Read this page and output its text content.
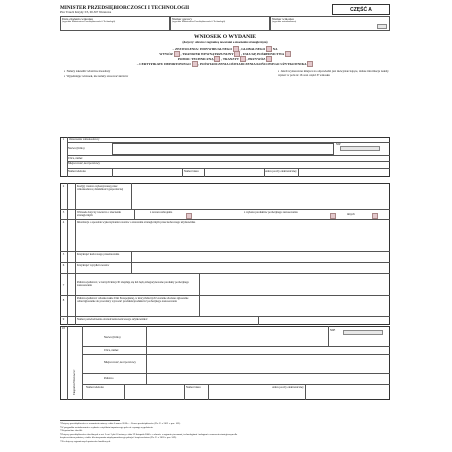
MINISTER PRZEDSIĘBIORCZOŚCI I TECHNOLOGII
Plac Trzech Krzyży 3/5, 00-507 Warszawa	CZĘŚĆ A
Data złożenia wniosku
(wypełnia Ministerstwo Przedsiębiorczości i Technologii)
Numer sprawy
(wypełnia Ministerstwo Przedsiębiorczości i Technologii)
Numer wniosku
(wypełnia wnioskodawca)
WNIOSEK O WYDANIE
(dotyczy: obrotu z zagranicą towarami o znaczeniu strategicznym)
– ZEZWOLENIA: INDYWIDUALNEGO , GLOBALNEGO  NA
WYWÓZ , TRANSFER WEWNĄTRZUNIJNY , USŁUGĘ POŚREDNICTWA
POMOC TECHNICZNĄ , TRANZYT , PRZYWÓZ
– CERTYFIKATU IMPORTOWEGO , POŚWIADCZENIA OŚWIADCZENIA KOŃCOWEGO UŻYTKOWNIKA
▪  Należy zakreślić właściwe kwadraty
▪  Wypełniając wniosek, nie należy stosować skrótów
▪  Jeżeli wyznaczone miejsca na odpowiedzi jest niewystarczające, dalsze informacje należy wpisać w polu nr 16 oraz części E wniosku
1	Oznaczenie wnioskodawcy
Nazwa (firma)
NIP
Ulica, numer
Miejscowość, kod pocztowy
Numer telefonu	Numer faksu	Adres poczty elektronicznej
2	Kod(y) i nazwa wykonywanej przez wnioskodawcę działalności gospodarczej
3	Wniosek dotyczy towarów o znaczeniu strategicznym
z towaru uzbrojenia	z wykazu produktów podwójnego zastosowania
innych
4	Informacja o sposobie wykorzystania towarów o znaczeniu strategicznym przez końcowego użytkownika
5	Kraj/kraje² końcowego przeznaczenia
6	Kraj/kraje² wysyłki towarów
7
Państwo/państwa², w których/których² znajdują się lub będą zmagazynowane produkty podwójnego zastosowania
8	Państwo/państwa² członkowskie Unii Europejskiej, w których/których² zostanie złożone zgłoszenie celne/zgłoszenie do procedury wywozu⁴ produktu/produktów² podwójnego zastosowania
9	Numer poświadczenia oświadczenia końcowego użytkownika⁴
10
Eksporter/Dostawca⁶
Nazwa (firma)
NIP¹
Ulica, numer
Miejscowość, kod pocztowy
Państwo
Numer telefonu	Numer faksu	Adres poczty elektronicznej
¹ Dotyczy przedsiębiorców w rozumieniu ustawy z dnia 6 marca 2018 r. – Prawo przedsiębiorców (Dz. U. z 2021 r. poz. 162).
² W przypadku wnioskowania o wydanie certyfikatu importowego pole nie wymaga wypełnienia.
³ Niepotrzebne skreślić.
⁴ Dotyczy przedsiębiorców określonych w art. 3 ust. 2 pkt 10 ustawy z dnia 29 listopada 2000 r. o obrocie z zagranicą towarami, technologiami i usługami o znaczeniu strategicznym dla
bezpieczeństwa państwa, a także dla utrzymania międzynarodowego pokoju i bezpieczeństwa (Dz. U. z 2020 r. poz. 509).
⁵ Nie dotyczy zagranicznych partnerów handlowych.
